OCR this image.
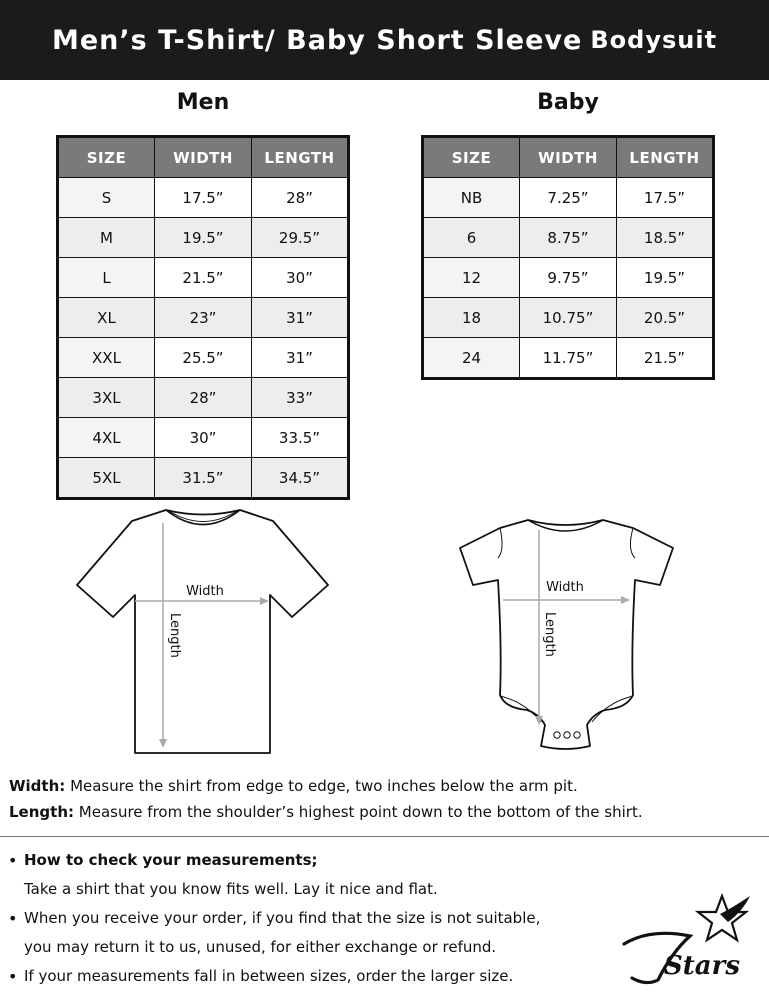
Men’s T-Shirt/ Baby Short Sleeve Bodysuit
Men
SIZE	WIDTH	LENGTH
S	17.5”	28”
M	19.5”	29.5”
L	21.5”	30”
XL	23”	31”
XXL	25.5”	31”
3XL	28”	33”
4XL	30”	33.5”
5XL	31.5”	34.5”
Baby
SIZE	WIDTH	LENGTH
NB	7.25”	17.5”
6	8.75”	18.5”
12	9.75”	19.5”
18	10.75”	20.5”
24	11.75”	21.5”
Width
Length
Width
Length
Width: Measure the shirt from edge to edge, two inches below the arm pit.
Length: Measure from the shoulder’s highest point down to the bottom of the shirt.
• How to check your measurements;
Take a shirt that you know fits well. Lay it nice and flat.
• When you receive your order, if you find that the size is not suitable,
you may return it to us, unused, for either exchange or refund.
• If your measurements fall in between sizes, order the larger size.	Stars
